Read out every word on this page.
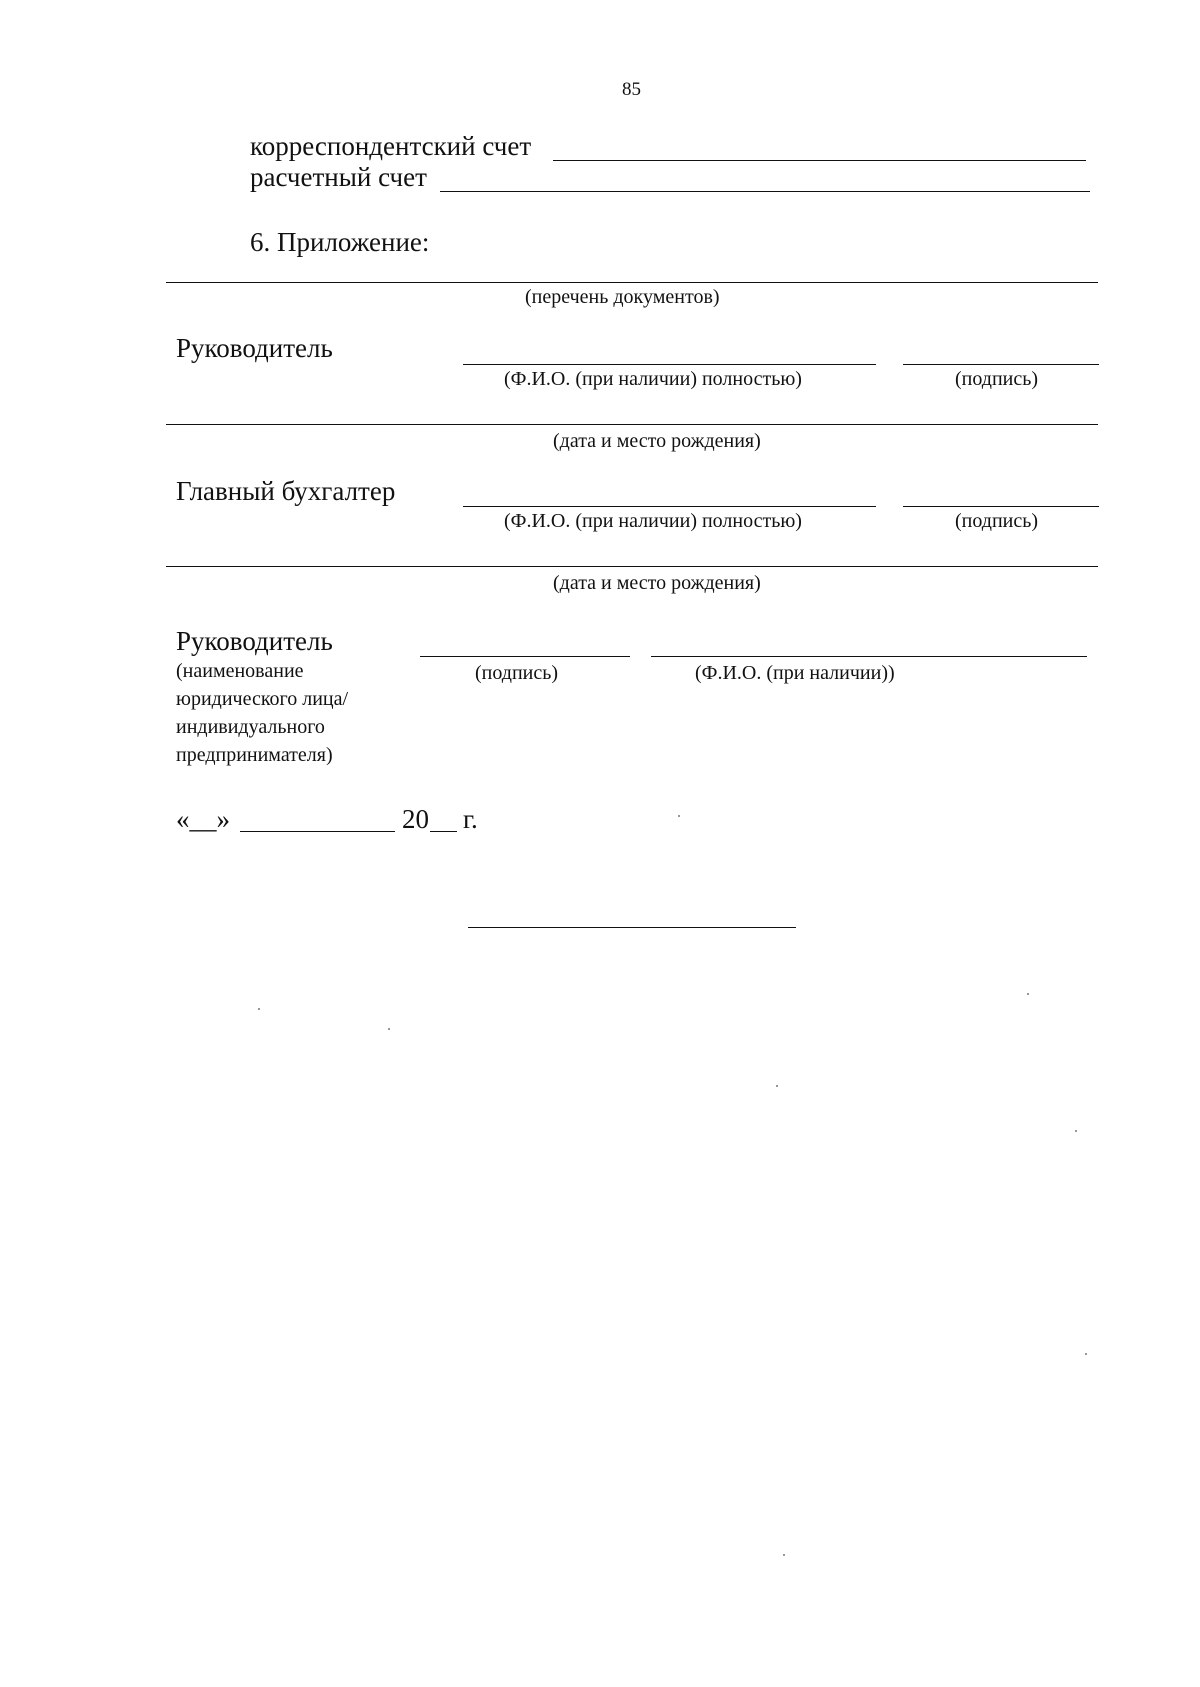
85
корреспондентский счет
расчетный счет
6. Приложение:
(перечень документов)
Руководитель
(Ф.И.О. (при наличии) полностью)	(подпись)
(дата и место рождения)
Главный бухгалтер
(Ф.И.О. (при наличии) полностью)	(подпись)
(дата и место рождения)
Руководитель
(наименование
юридического лица/
индивидуального
предпринимателя)
(подпись)	(Ф.И.О. (при наличии))
«__»	20 г.
